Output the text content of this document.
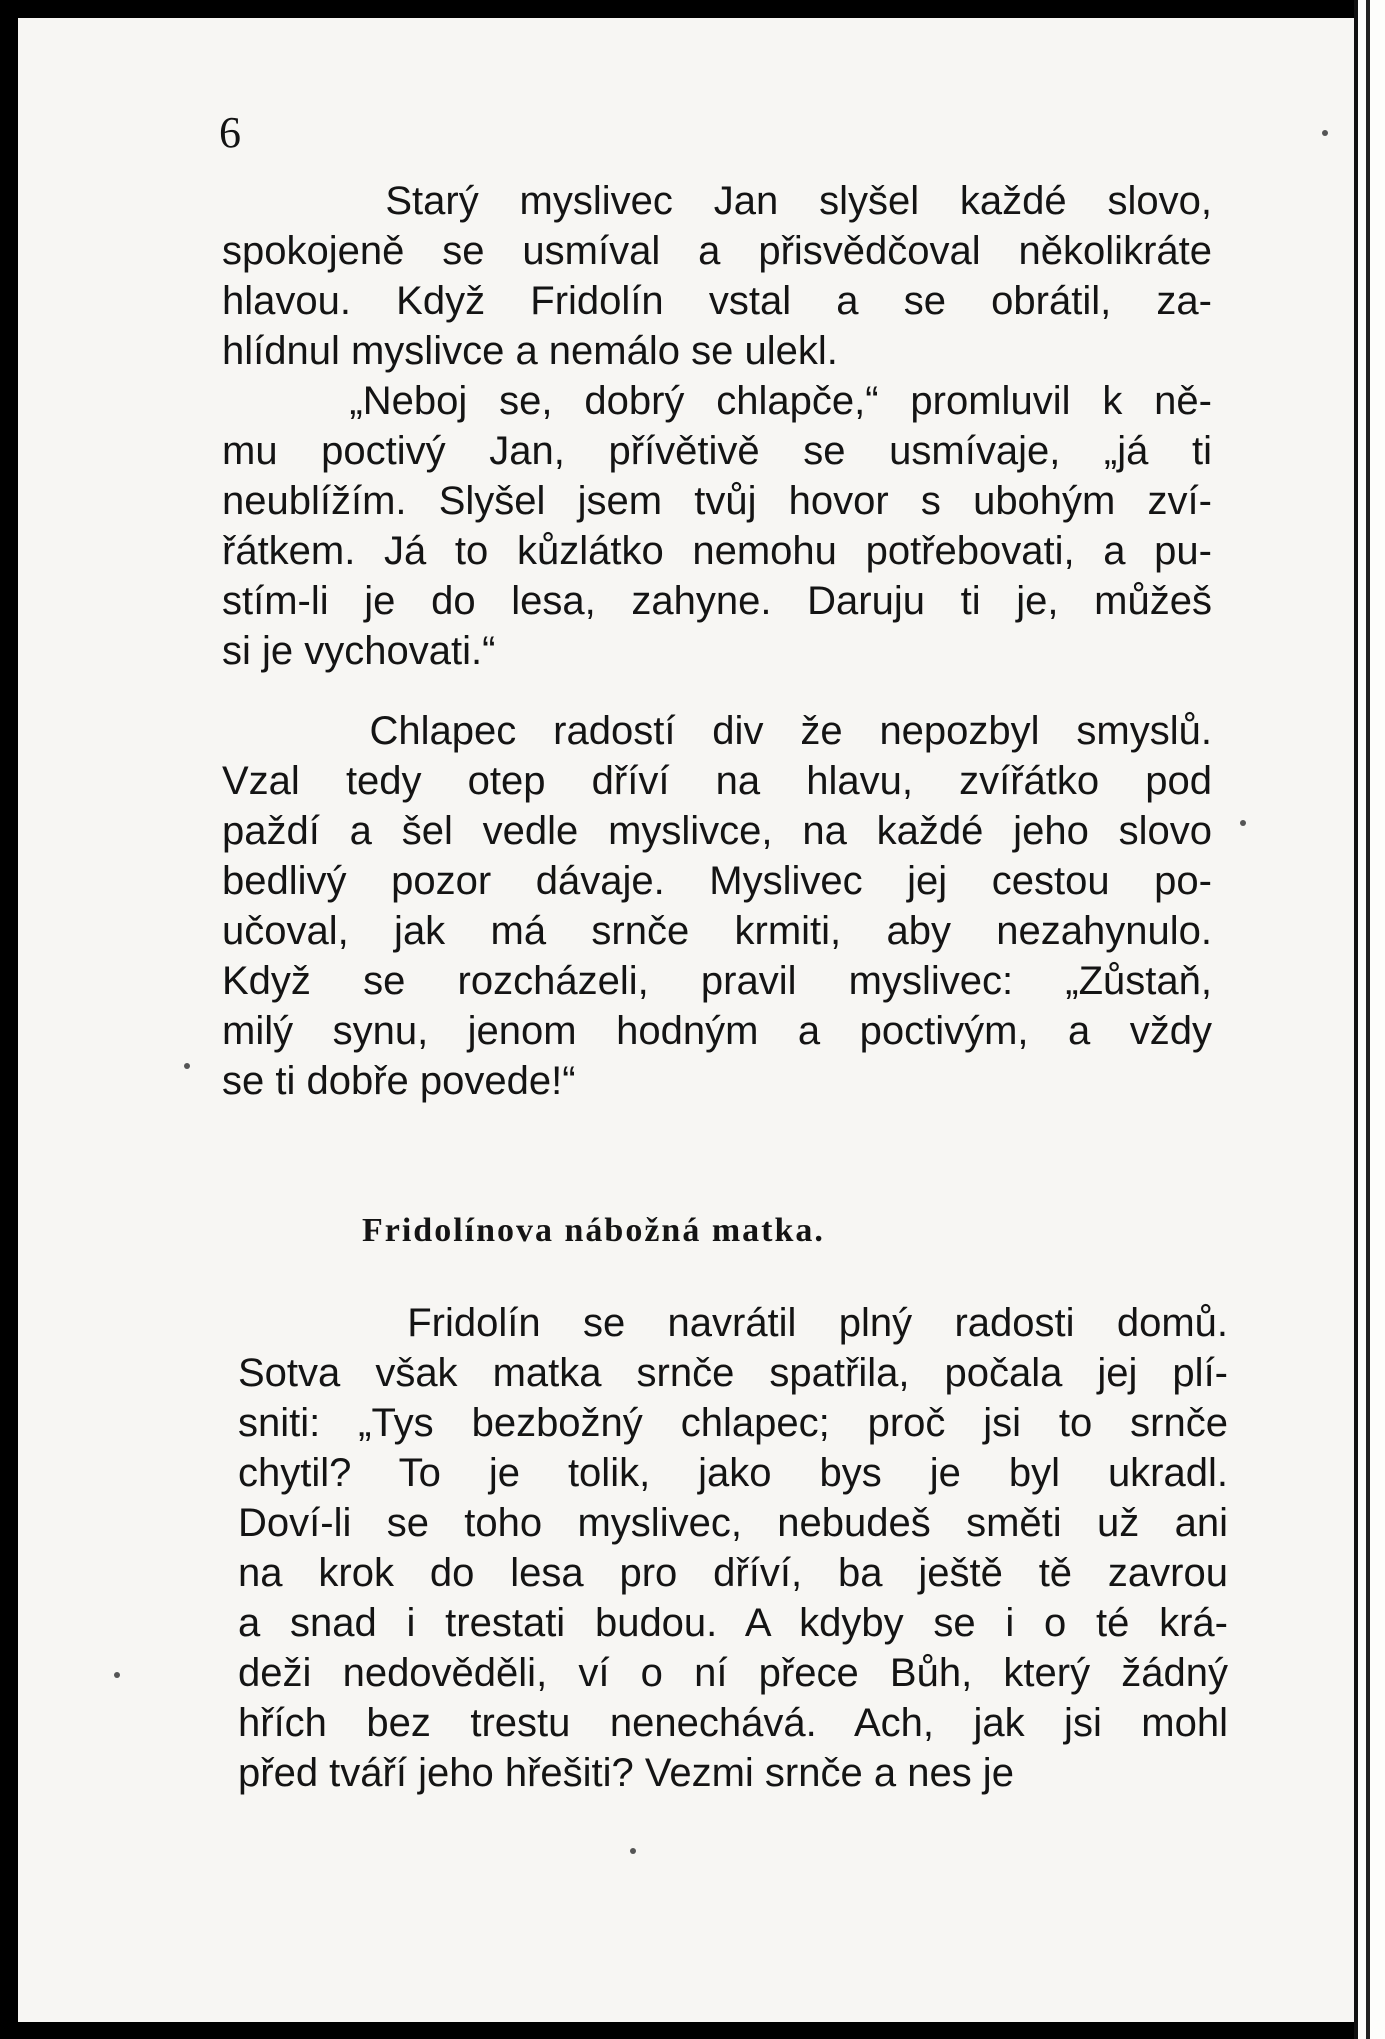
6
Starý myslivec Jan slyšel každé slovo,
spokojeně se usmíval a přisvědčoval několikráte
hlavou. Když Fridolín vstal a se obrátil, za-
hlídnul myslivce a nemálo se ulekl.
„Neboj se, dobrý chlapče,“ promluvil k ně-
mu poctivý Jan, přívětivě se usmívaje, „já ti
neublížím. Slyšel jsem tvůj hovor s ubohým zví-
řátkem. Já to kůzlátko nemohu potřebovati, a pu-
stím-li je do lesa, zahyne. Daruju ti je, můžeš
si je vychovati.“
Chlapec radostí div že nepozbyl smyslů.
Vzal tedy otep dříví na hlavu, zvířátko pod
paždí a šel vedle myslivce, na každé jeho slovo
bedlivý pozor dávaje. Myslivec jej cestou po-
učoval, jak má srnče krmiti, aby nezahynulo.
Když se rozcházeli, pravil myslivec: „Zůstaň,
milý synu, jenom hodným a poctivým, a vždy
se ti dobře povede!“
Fridolínova nábožná matka.
Fridolín se navrátil plný radosti domů.
Sotva však matka srnče spatřila, počala jej plí-
sniti: „Tys bezbožný chlapec; proč jsi to srnče
chytil? To je tolik, jako bys je byl ukradl.
Doví-li se toho myslivec, nebudeš směti už ani
na krok do lesa pro dříví, ba ještě tě zavrou
a snad i trestati budou. A kdyby se i o té krá-
deži nedověděli, ví o ní přece Bůh, který žádný
hřích bez trestu nenechává. Ach, jak jsi mohl
před tváří jeho hřešiti? Vezmi srnče a nes je
